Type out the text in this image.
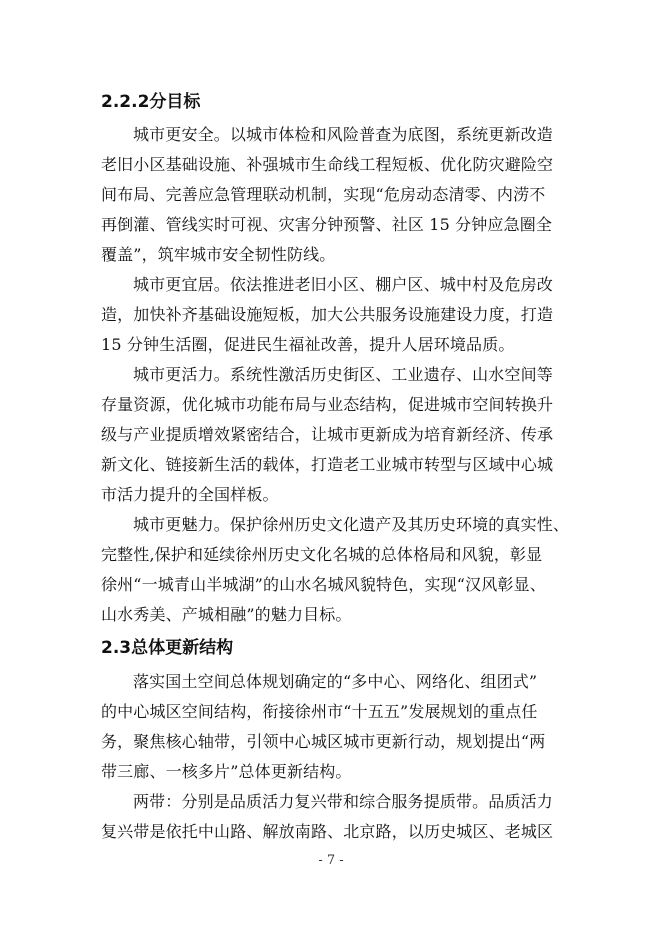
2.2.2分目标
城市更安全。以城市体检和风险普查为底图，系统更新改造
老旧小区基础设施、补强城市生命线工程短板、优化防灾避险空
间布局、完善应急管理联动机制，实现“危房动态清零、内涝不
再倒灌、管线实时可视、灾害分钟预警、社区 15 分钟应急圈全
覆盖”，筑牢城市安全韧性防线。
城市更宜居。依法推进老旧小区、棚户区、城中村及危房改
造，加快补齐基础设施短板，加大公共服务设施建设力度，打造
15 分钟生活圈，促进民生福祉改善，提升人居环境品质。
城市更活力。系统性激活历史街区、工业遗存、山水空间等
存量资源，优化城市功能布局与业态结构，促进城市空间转换升
级与产业提质增效紧密结合，让城市更新成为培育新经济、传承
新文化、链接新生活的载体，打造老工业城市转型与区域中心城
市活力提升的全国样板。
城市更魅力。保护徐州历史文化遗产及其历史环境的真实性、
完整性,保护和延续徐州历史文化名城的总体格局和风貌，彰显
徐州“一城青山半城湖”的山水名城风貌特色，实现“汉风彰显、
山水秀美、产城相融”的魅力目标。
2.3总体更新结构
落实国土空间总体规划确定的“多中心、网络化、组团式”
的中心城区空间结构，衔接徐州市“十五五”发展规划的重点任
务，聚焦核心轴带，引领中心城区城市更新行动，规划提出“两
带三廊、一核多片”总体更新结构。
两带：分别是品质活力复兴带和综合服务提质带。品质活力
复兴带是依托中山路、解放南路、北京路，以历史城区、老城区
- 7 -
